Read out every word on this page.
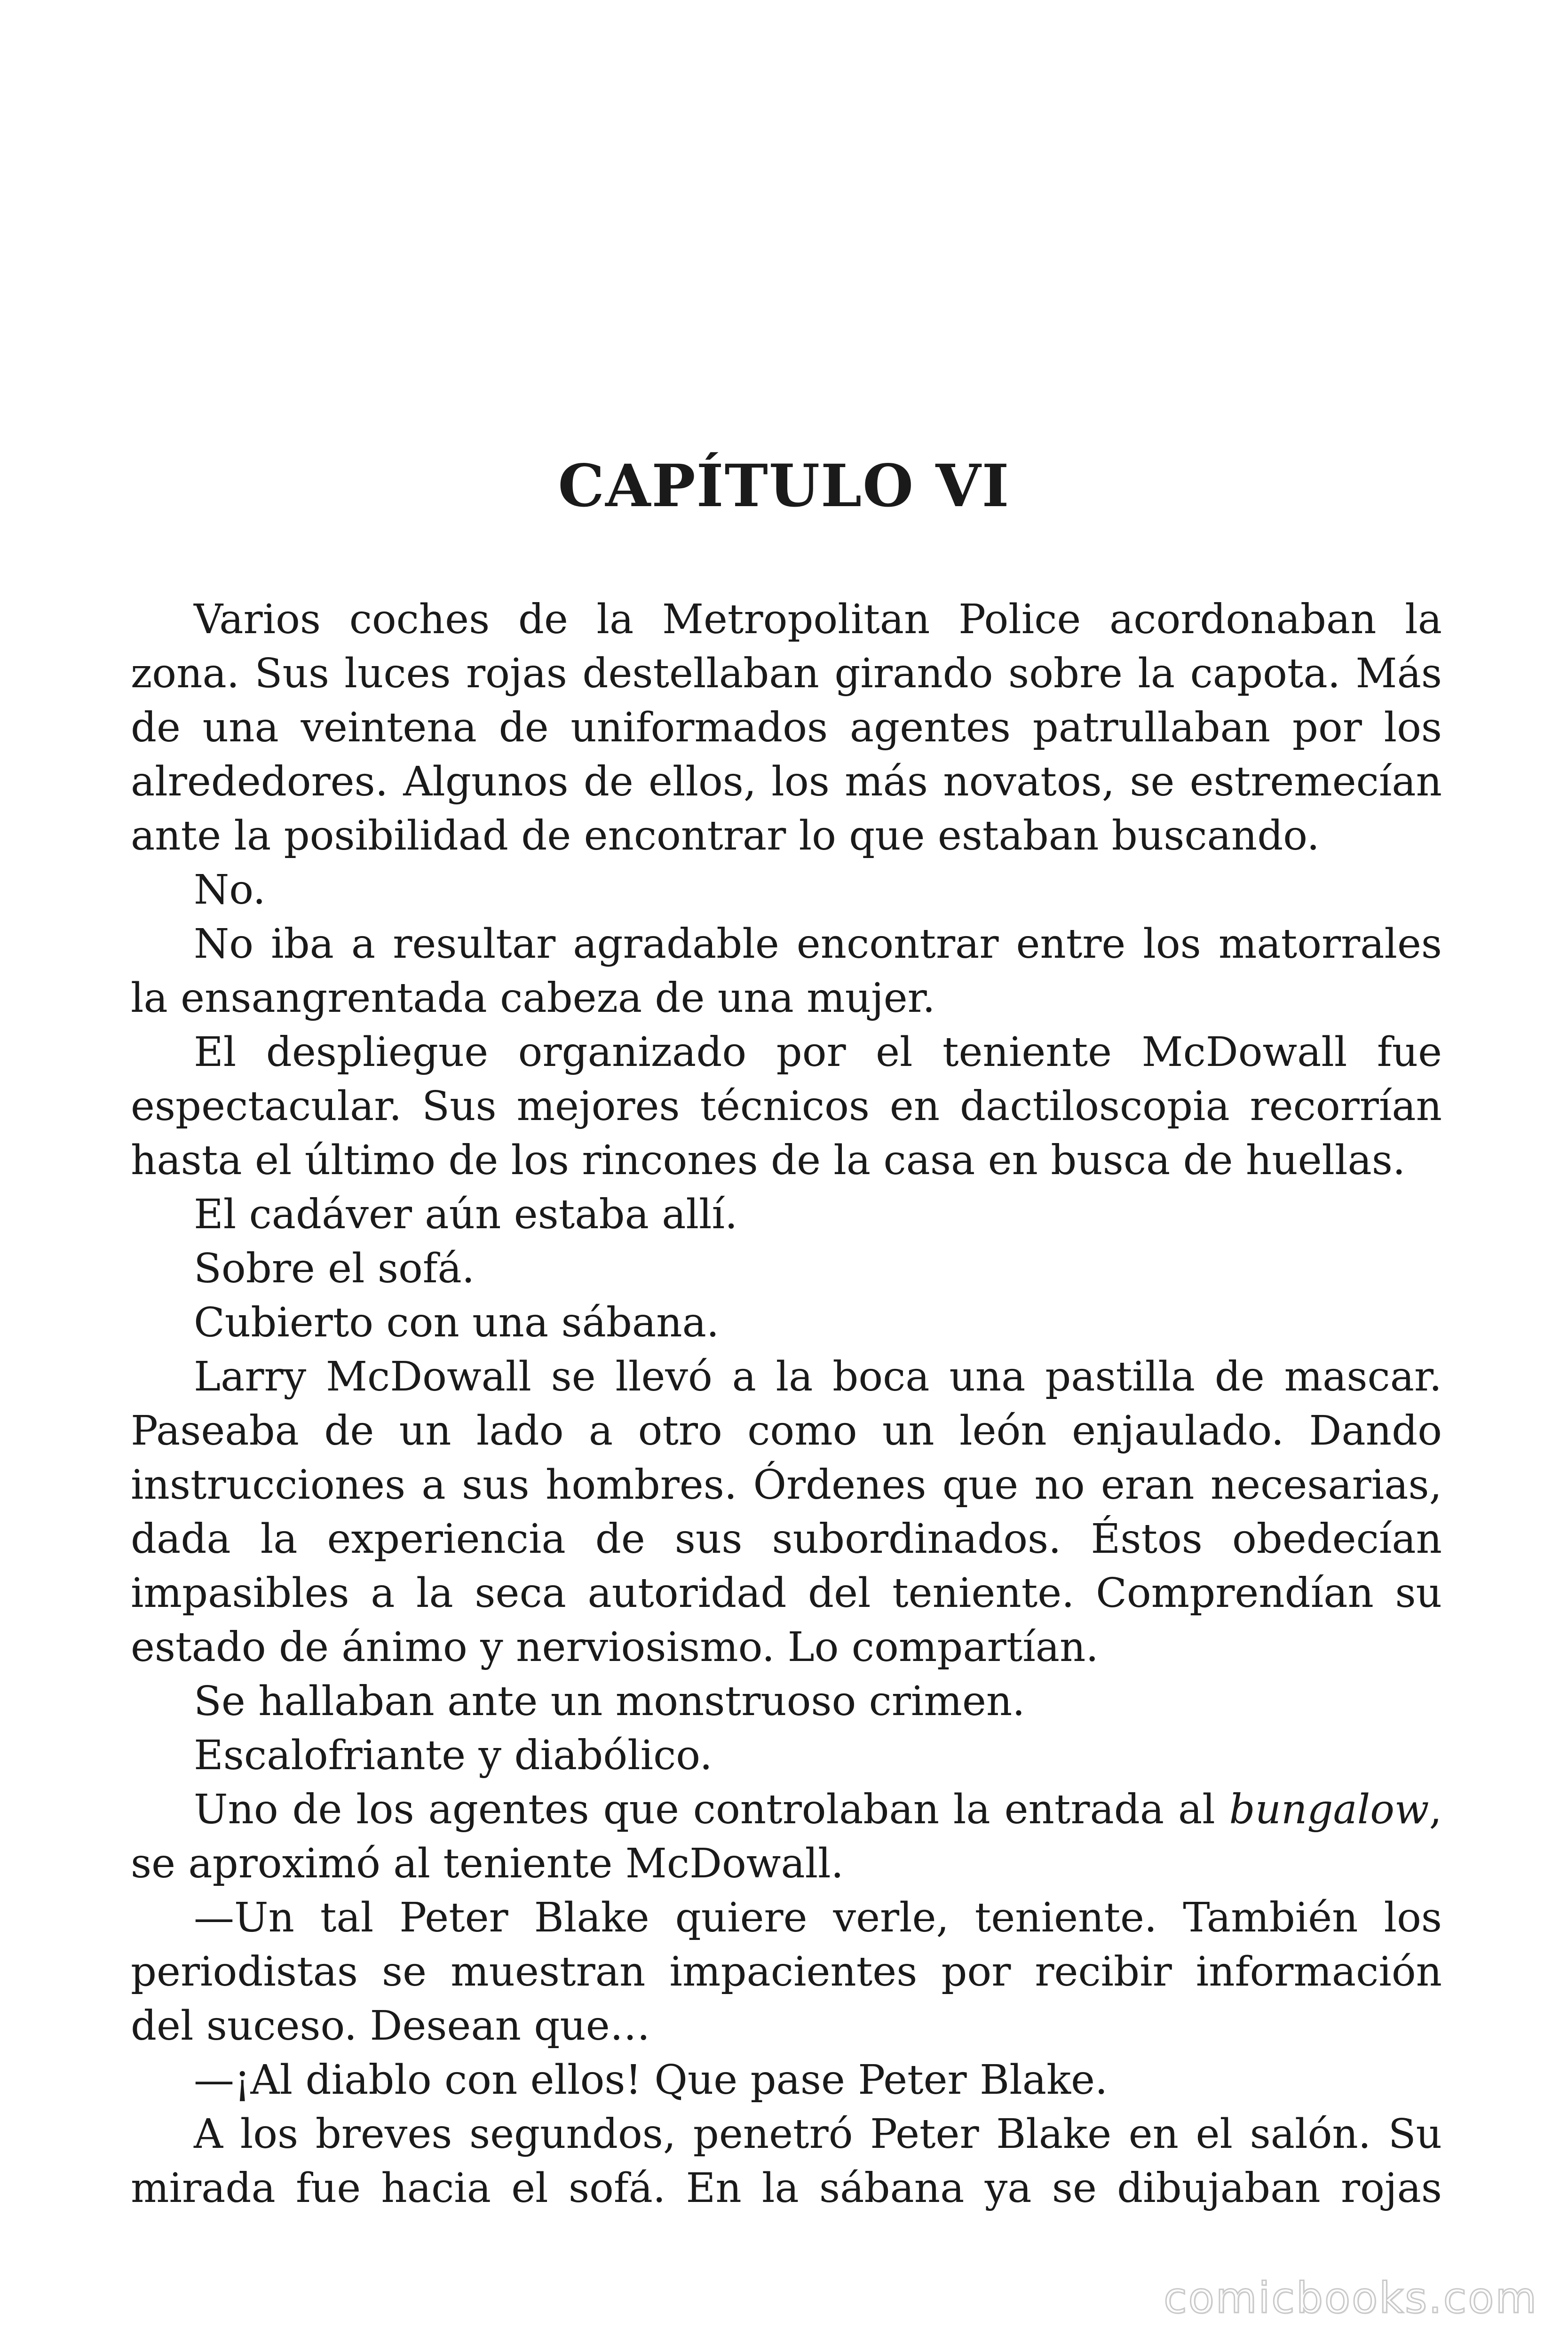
CAPÍTULO VI

Varios coches de la Metropolitan Police acordonaban la zona. Sus luces rojas destellaban girando sobre la capota. Más de una veintena de uniformados agentes patrullaban por los alrededores. Algunos de ellos, los más novatos, se estremecían ante la posibilidad de encontrar lo que estaban buscando.

No.

No iba a resultar agradable encontrar entre los matorrales la ensangrentada cabeza de una mujer.

El despliegue organizado por el teniente McDowall fue espectacular. Sus mejores técnicos en dactiloscopia recorrían hasta el último de los rincones de la casa en busca de huellas.

El cadáver aún estaba allí.

Sobre el sofá.

Cubierto con una sábana.

Larry McDowall se llevó a la boca una pastilla de mascar. Paseaba de un lado a otro como un león enjaulado. Dando instrucciones a sus hombres. Órdenes que no eran necesarias, dada la experiencia de sus subordinados. Éstos obedecían impasibles a la seca autoridad del teniente. Comprendían su estado de ánimo y nerviosismo. Lo compartían.

Se hallaban ante un monstruoso crimen.

Escalofriante y diabólico.

Uno de los agentes que controlaban la entrada al bungalow, se aproximó al teniente McDowall.

—Un tal Peter Blake quiere verle, teniente. También los periodistas se muestran impacientes por recibir información del suceso. Desean que…

—¡Al diablo con ellos! Que pase Peter Blake.

A los breves segundos, penetró Peter Blake en el salón. Su mirada fue hacia el sofá. En la sábana ya se dibujaban rojas

comicbooks.com
